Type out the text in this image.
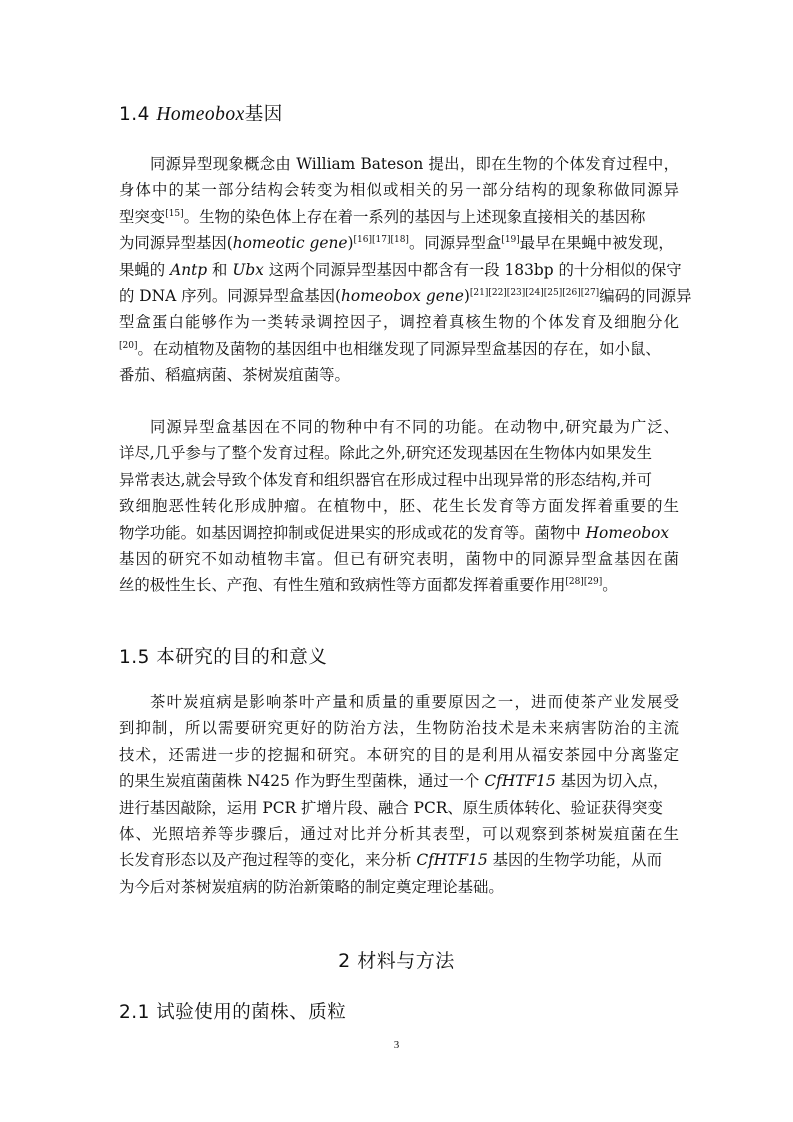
1.4 Homeobox基因
同源异型现象概念由 William Bateson 提出，即在生物的个体发育过程中，
身体中的某一部分结构会转变为相似或相关的另一部分结构的现象称做同源异
型突变[15]。生物的染色体上存在着一系列的基因与上述现象直接相关的基因称
为同源异型基因(homeotic gene)[16][17][18]。同源异型盒[19]最早在果蝇中被发现，
果蝇的 Antp 和 Ubx 这两个同源异型基因中都含有一段 183bp 的十分相似的保守
的 DNA 序列。同源异型盒基因(homeobox gene)[21][22][23][24][25][26][27]编码的同源异
型盒蛋白能够作为一类转录调控因子，调控着真核生物的个体发育及细胞分化
[20]。在动植物及菌物的基因组中也相继发现了同源异型盒基因的存在，如小鼠、
番茄、稻瘟病菌、茶树炭疽菌等。
同源异型盒基因在不同的物种中有不同的功能。在动物中,研究最为广泛、
详尽,几乎参与了整个发育过程。除此之外,研究还发现基因在生物体内如果发生
异常表达,就会导致个体发育和组织器官在形成过程中出现异常的形态结构,并可
致细胞恶性转化形成肿瘤。在植物中，胚、花生长发育等方面发挥着重要的生
物学功能。如基因调控抑制或促进果实的形成或花的发育等。菌物中 Homeobox
基因的研究不如动植物丰富。但已有研究表明，菌物中的同源异型盒基因在菌
丝的极性生长、产孢、有性生殖和致病性等方面都发挥着重要作用[28][29]。
1.5 本研究的目的和意义
茶叶炭疽病是影响茶叶产量和质量的重要原因之一，进而使茶产业发展受
到抑制，所以需要研究更好的防治方法，生物防治技术是未来病害防治的主流
技术，还需进一步的挖掘和研究。本研究的目的是利用从福安茶园中分离鉴定
的果生炭疽菌菌株 N425 作为野生型菌株，通过一个 CfHTF15 基因为切入点，
进行基因敲除，运用 PCR 扩增片段、融合 PCR、原生质体转化、验证获得突变
体、光照培养等步骤后，通过对比并分析其表型，可以观察到茶树炭疽菌在生
长发育形态以及产孢过程等的变化，来分析 CfHTF15 基因的生物学功能，从而
为今后对茶树炭疽病的防治新策略的制定奠定理论基础。
2 材料与方法
2.1 试验使用的菌株、质粒
3
